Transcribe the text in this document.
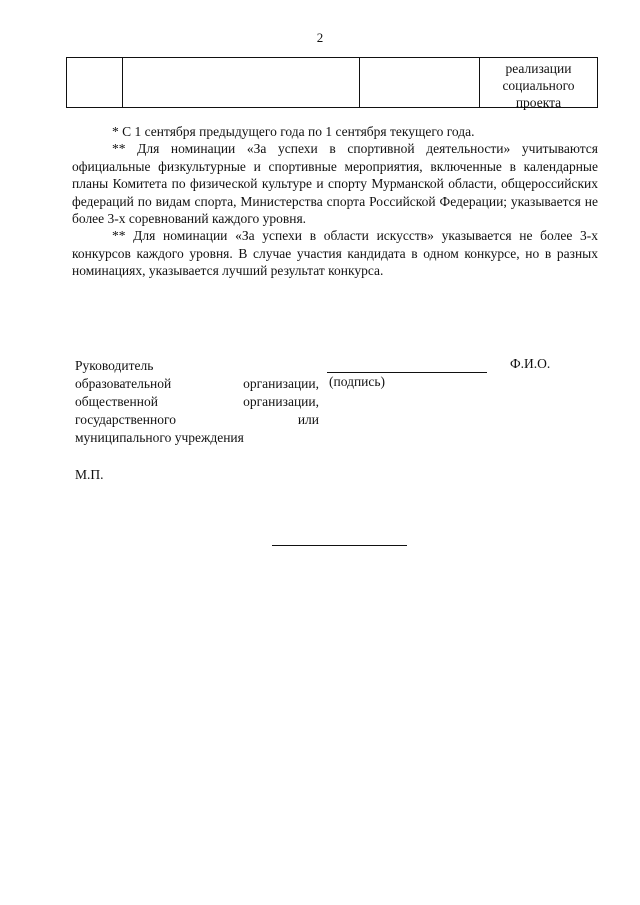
2
реализации
социального
проекта

* С 1 сентября предыдущего года по 1 сентября текущего года.

** Для номинации «За успехи в спортивной деятельности» учитываются официальные физкультурные и спортивные мероприятия, включенные в календарные планы Комитета по физической культуре и спорту Мурманской области, общероссийских федераций по видам спорта, Министерства спорта Российской Федерации; указывается не более 3-х соревнований каждого уровня.

** Для номинации «За успехи в области искусств» указывается не более 3-х конкурсов каждого уровня. В случае участия кандидата в одном конкурсе, но в разных номинациях, указывается лучший результат конкурса.

Руководитель
образовательной	организации,
общественной	организации,
государственного	или
муниципального учреждения
(подпись)
Ф.И.О.
М.П.
